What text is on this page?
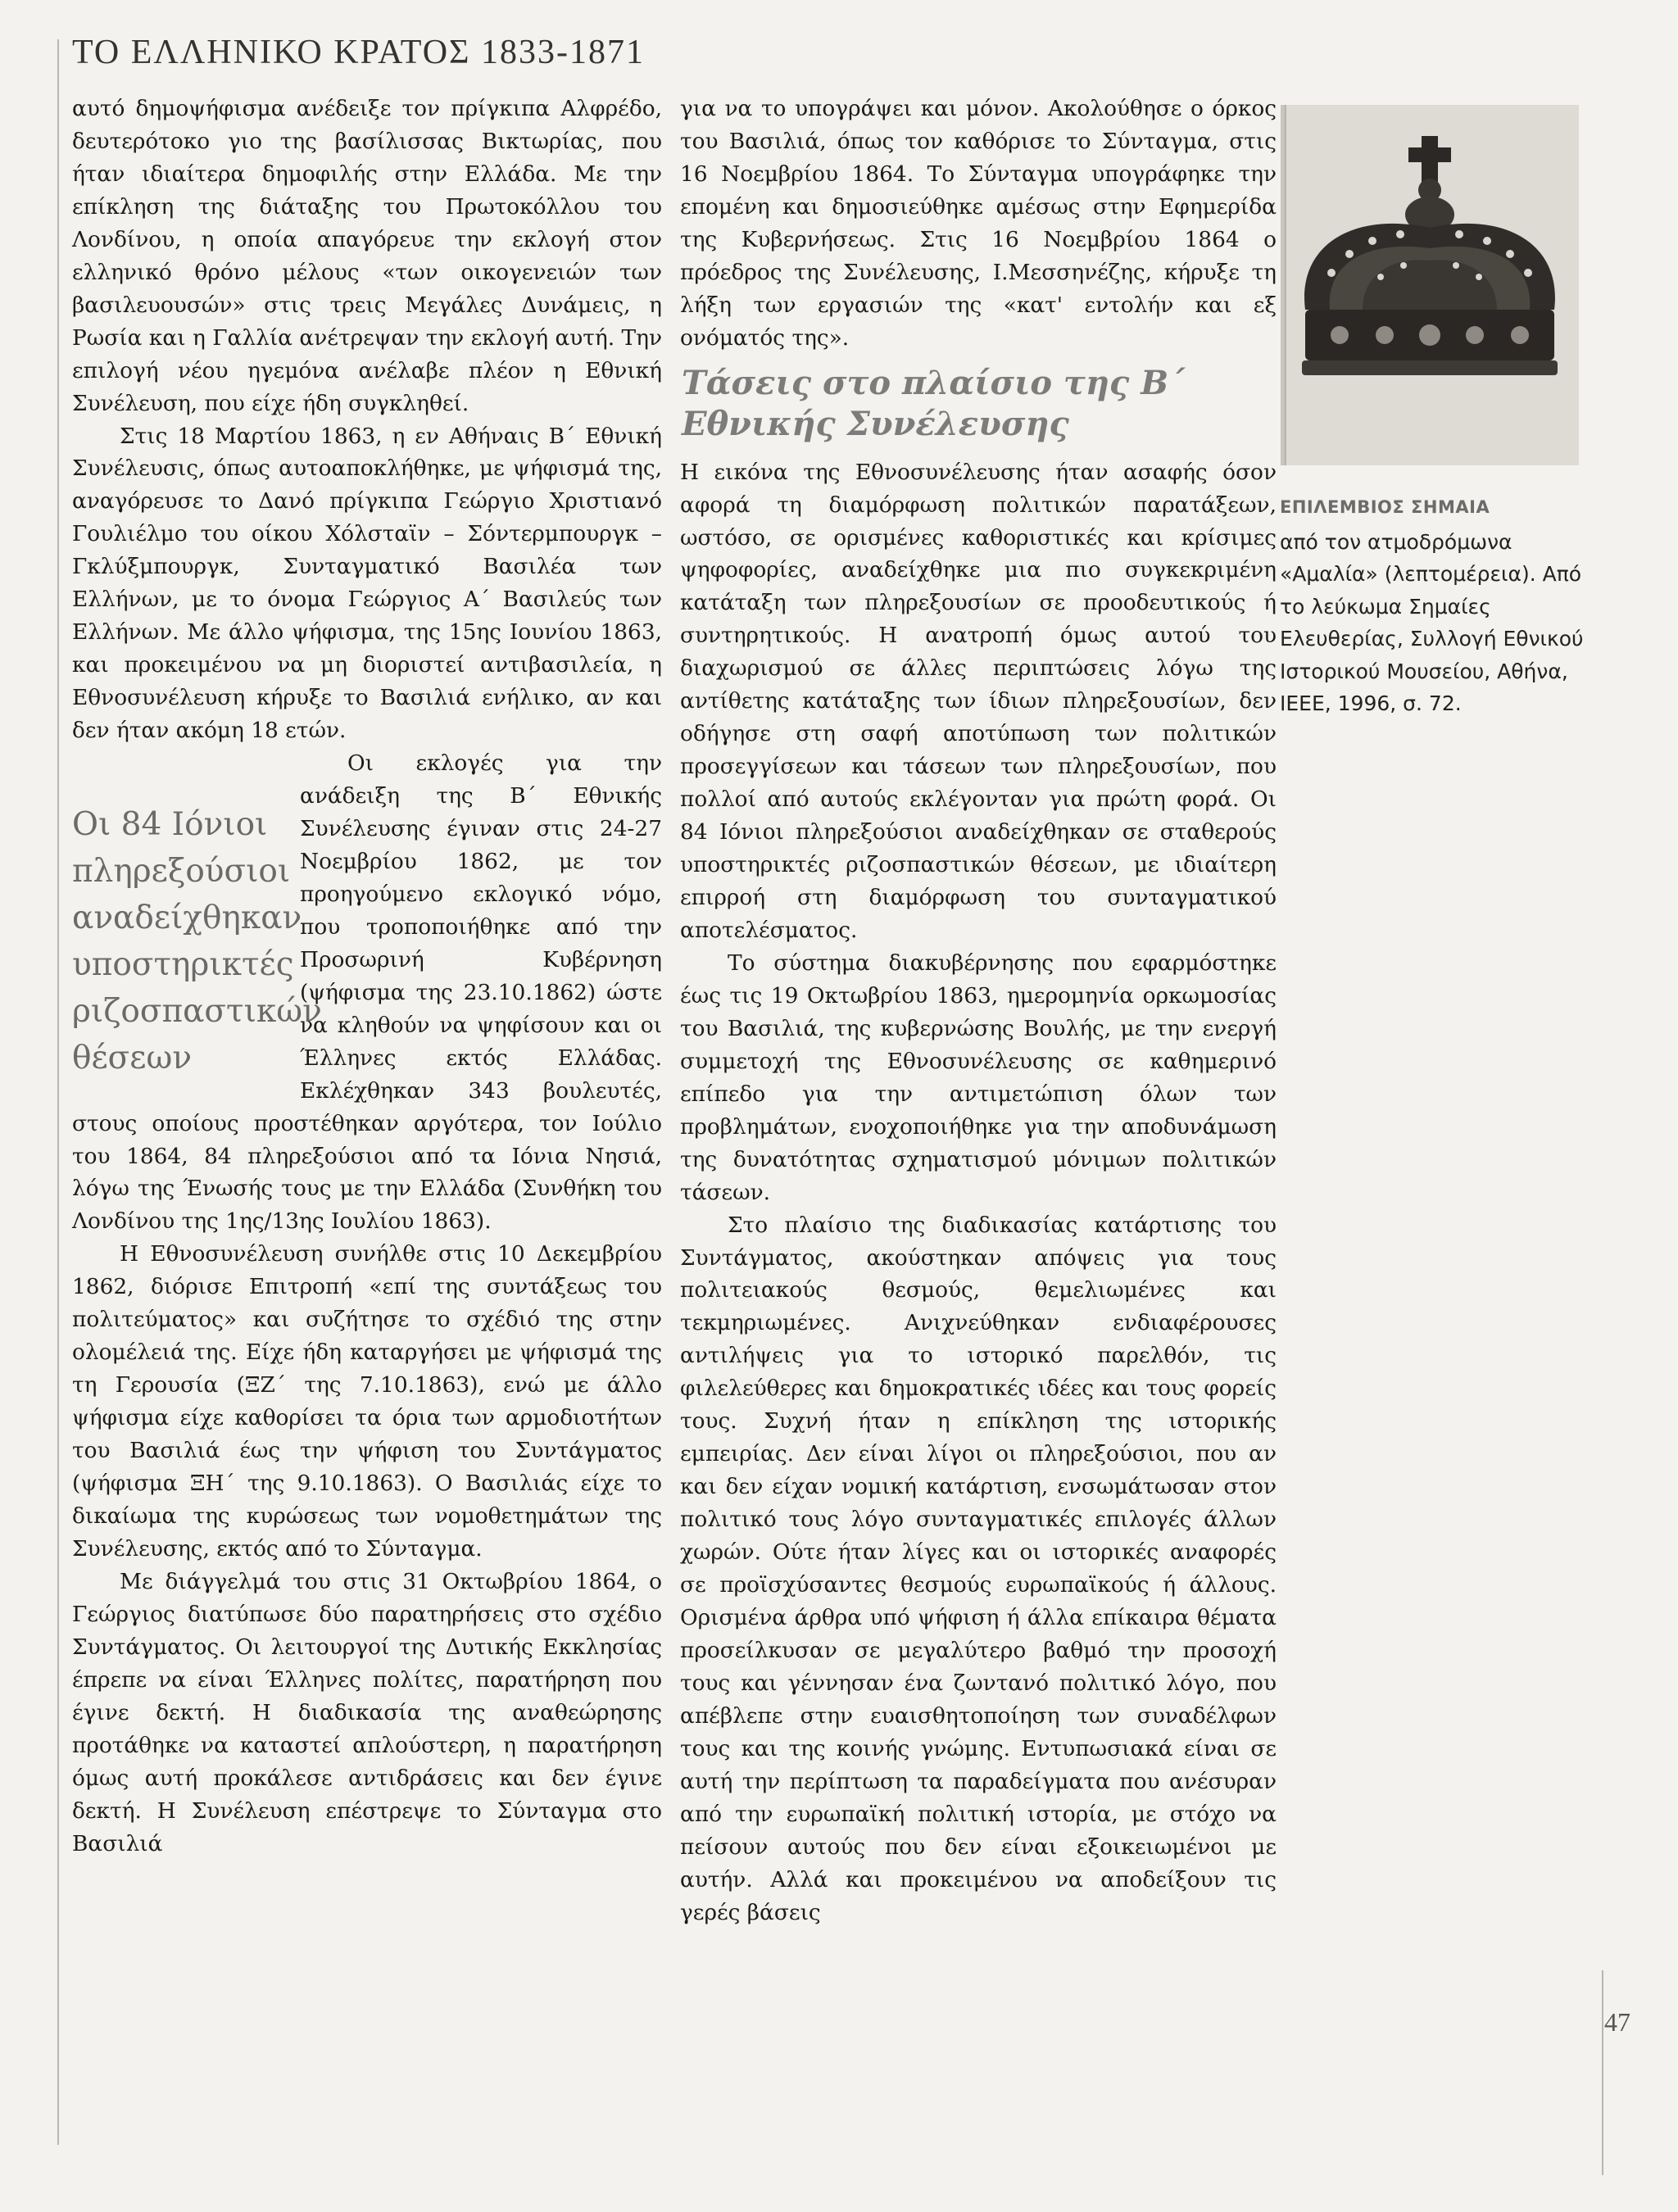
ΤΟ ΕΛΛΗΝΙΚΟ ΚΡΑΤΟΣ 1833-1871

αυτό δημοψήφισμα ανέδειξε τον πρίγκιπα Αλφρέδο, δευτερότοκο γιο της βασίλισσας Βικτωρίας, που ήταν ιδιαίτερα δημοφιλής στην Ελλάδα. Με την επίκληση της διάταξης του Πρωτοκόλλου του Λονδίνου, η οποία απαγόρευε την εκλογή στον ελληνικό θρόνο μέλους «των οικογενειών των βασιλευουσών» στις τρεις Μεγάλες Δυνάμεις, η Ρωσία και η Γαλλία ανέτρεψαν την εκλογή αυτή. Την επιλογή νέου ηγεμόνα ανέλαβε πλέον η Εθνική Συνέλευση, που είχε ήδη συγκληθεί.

Στις 18 Μαρτίου 1863, η εν Αθήναις Β΄ Εθνική Συνέλευσις, όπως αυτοαποκλήθηκε, με ψήφισμά της, αναγόρευσε το Δανό πρίγκιπα Γεώργιο Χριστιανό Γουλιέλμο του οίκου Χόλσταϊν – Σόντερμπουργκ – Γκλύξμπουργκ, Συνταγματικό Βασιλέα των Ελλήνων, με το όνομα Γεώργιος Α΄ Βασιλεύς των Ελλήνων. Με άλλο ψήφισμα, της 15ης Ιουνίου 1863, και προκειμένου να μη διοριστεί αντιβασιλεία, η Εθνοσυνέλευση κήρυξε το Βασιλιά ενήλικο, αν και δεν ήταν ακόμη 18 ετών.

Οι 84 Ιόνιοι πληρεξούσιοι αναδείχθηκαν υποστηρικτές ριζοσπαστικών θέσεων

Οι εκλογές για την ανάδειξη της Β΄ Εθνικής Συνέλευσης έγιναν στις 24-27 Νοεμβρίου 1862, με τον προηγούμενο εκλογικό νόμο, που τροποποιήθηκε από την Προσωρινή Κυβέρνηση (ψήφισμα της 23.10.1862) ώστε να κληθούν να ψηφίσουν και οι Έλληνες εκτός Ελλάδας. Εκλέχθηκαν 343 βουλευτές, στους οποίους προστέθηκαν αργότερα, τον Ιούλιο του 1864, 84 πληρεξούσιοι από τα Ιόνια Νησιά, λόγω της Ένωσής τους με την Ελλάδα (Συνθήκη του Λονδίνου της 1ης/13ης Ιουλίου 1863).

Η Εθνοσυνέλευση συνήλθε στις 10 Δεκεμβρίου 1862, διόρισε Επιτροπή «επί της συντάξεως του πολιτεύματος» και συζήτησε το σχέδιό της στην ολομέλειά της. Είχε ήδη καταργήσει με ψήφισμά της τη Γερουσία (ΞΖ΄ της 7.10.1863), ενώ με άλλο ψήφισμα είχε καθορίσει τα όρια των αρμοδιοτήτων του Βασιλιά έως την ψήφιση του Συντάγματος (ψήφισμα ΞΗ΄ της 9.10.1863). Ο Βασιλιάς είχε το δικαίωμα της κυρώσεως των νομοθετημάτων της Συνέλευσης, εκτός από το Σύνταγμα.

Με διάγγελμά του στις 31 Οκτωβρίου 1864, ο Γεώργιος διατύπωσε δύο παρατηρήσεις στο σχέδιο Συντάγματος. Οι λειτουργοί της Δυτικής Εκκλησίας έπρεπε να είναι Έλληνες πολίτες, παρατήρηση που έγινε δεκτή. Η διαδικασία της αναθεώρησης προτάθηκε να καταστεί απλούστερη, η παρατήρηση όμως αυτή προκάλεσε αντιδράσεις και δεν έγινε δεκτή. Η Συνέλευση επέστρεψε το Σύνταγμα στο Βασιλιά

για να το υπογράψει και μόνον. Ακολούθησε ο όρκος του Βασιλιά, όπως τον καθόρισε το Σύνταγμα, στις 16 Νοεμβρίου 1864. Το Σύνταγμα υπογράφηκε την επομένη και δημοσιεύθηκε αμέσως στην Εφημερίδα της Κυβερνήσεως. Στις 16 Νοεμβρίου 1864 ο πρόεδρος της Συνέλευσης, Ι.Μεσσηνέζης, κήρυξε τη λήξη των εργασιών της «κατ' εντολήν και εξ ονόματός της».

Τάσεις στο πλαίσιο της Β΄ Εθνικής Συνέλευσης

Η εικόνα της Εθνοσυνέλευσης ήταν ασαφής όσον αφορά τη διαμόρφωση πολιτικών παρατάξεων, ωστόσο, σε ορισμένες καθοριστικές και κρίσιμες ψηφοφορίες, αναδείχθηκε μια πιο συγκεκριμένη κατάταξη των πληρεξουσίων σε προοδευτικούς ή συντηρητικούς. Η ανατροπή όμως αυτού του διαχωρισμού σε άλλες περιπτώσεις λόγω της αντίθετης κατάταξης των ίδιων πληρεξουσίων, δεν οδήγησε στη σαφή αποτύπωση των πολιτικών προσεγγίσεων και τάσεων των πληρεξουσίων, που πολλοί από αυτούς εκλέγονταν για πρώτη φορά. Οι 84 Ιόνιοι πληρεξούσιοι αναδείχθηκαν σε σταθερούς υποστηρικτές ριζοσπαστικών θέσεων, με ιδιαίτερη επιρροή στη διαμόρφωση του συνταγματικού αποτελέσματος.

Το σύστημα διακυβέρνησης που εφαρμόστηκε έως τις 19 Οκτωβρίου 1863, ημερομηνία ορκωμοσίας του Βασιλιά, της κυβερνώσης Βουλής, με την ενεργή συμμετοχή της Εθνοσυνέλευσης σε καθημερινό επίπεδο για την αντιμετώπιση όλων των προβλημάτων, ενοχοποιήθηκε για την αποδυνάμωση της δυνατότητας σχηματισμού μόνιμων πολιτικών τάσεων.

Στο πλαίσιο της διαδικασίας κατάρτισης του Συντάγματος, ακούστηκαν απόψεις για τους πολιτειακούς θεσμούς, θεμελιωμένες και τεκμηριωμένες. Ανιχνεύθηκαν ενδιαφέρουσες αντιλήψεις για το ιστορικό παρελθόν, τις φιλελεύθερες και δημοκρατικές ιδέες και τους φορείς τους. Συχνή ήταν η επίκληση της ιστορικής εμπειρίας. Δεν είναι λίγοι οι πληρεξούσιοι, που αν και δεν είχαν νομική κατάρτιση, ενσωμάτωσαν στον πολιτικό τους λόγο συνταγματικές επιλογές άλλων χωρών. Ούτε ήταν λίγες και οι ιστορικές αναφορές σε προϊσχύσαντες θεσμούς ευρωπαϊκούς ή άλλους. Ορισμένα άρθρα υπό ψήφιση ή άλλα επίκαιρα θέματα προσείλκυσαν σε μεγαλύτερο βαθμό την προσοχή τους και γέννησαν ένα ζωντανό πολιτικό λόγο, που απέβλεπε στην ευαισθητοποίηση των συναδέλφων τους και της κοινής γνώμης. Εντυπωσιακά είναι σε αυτή την περίπτωση τα παραδείγματα που ανέσυραν από την ευρωπαϊκή πολιτική ιστορία, με στόχο να πείσουν αυτούς που δεν είναι εξοικειωμένοι με αυτήν. Αλλά και προκειμένου να αποδείξουν τις γερές βάσεις

ΕΠΙΛΕΜΒΙΟΣ ΣΗΜΑΙΑ

από τον ατμοδρόμωνα «Αμαλία» (λεπτομέρεια). Από το λεύκωμα Σημαίες Ελευθερίας, Συλλογή Εθνικού Ιστορικού Μουσείου, Αθήνα, ΙΕΕΕ, 1996, σ. 72.

47
